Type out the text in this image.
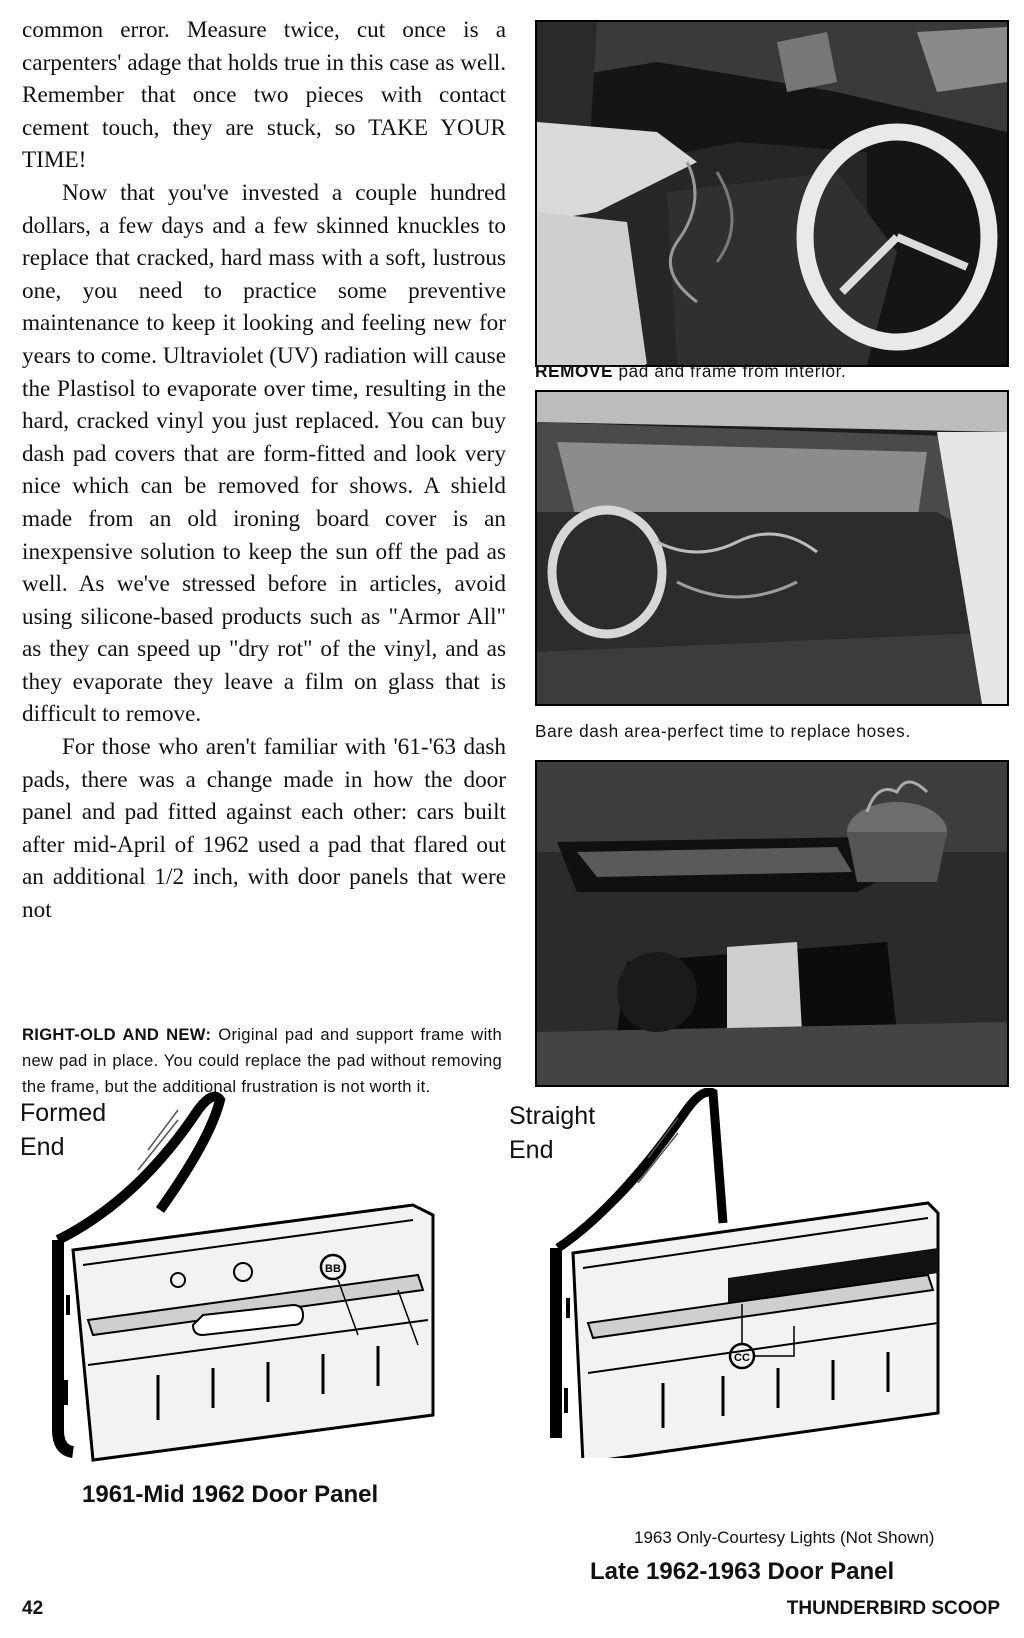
common error. Measure twice, cut once is a carpenters' adage that holds true in this case as well. Remember that once two pieces with contact cement touch, they are stuck, so TAKE YOUR TIME!

Now that you've invested a couple hundred dollars, a few days and a few skinned knuckles to replace that cracked, hard mass with a soft, lustrous one, you need to practice some preventive maintenance to keep it looking and feeling new for years to come. Ultraviolet (UV) radiation will cause the Plastisol to evaporate over time, resulting in the hard, cracked vinyl you just replaced. You can buy dash pad covers that are form-fitted and look very nice which can be removed for shows. A shield made from an old ironing board cover is an inexpensive solution to keep the sun off the pad as well. As we've stressed before in articles, avoid using silicone-based products such as "Armor All" as they can speed up "dry rot" of the vinyl, and as they evaporate they leave a film on glass that is difficult to remove.

For those who aren't familiar with '61-'63 dash pads, there was a change made in how the door panel and pad fitted against each other: cars built after mid-April of 1962 used a pad that flared out an additional 1/2 inch, with door panels that were not

RIGHT-OLD AND NEW: Original pad and support frame with new pad in place. You could replace the pad without removing the frame, but the additional frustration is not worth it.
REMOVE pad and frame from interior.
Bare dash area-perfect time to replace hoses.
Formed
End
BB
1961-Mid 1962 Door Panel
Straight
End
CC
1963 Only-Courtesy Lights (Not Shown)
Late 1962-1963 Door Panel
42	THUNDERBIRD SCOOP
